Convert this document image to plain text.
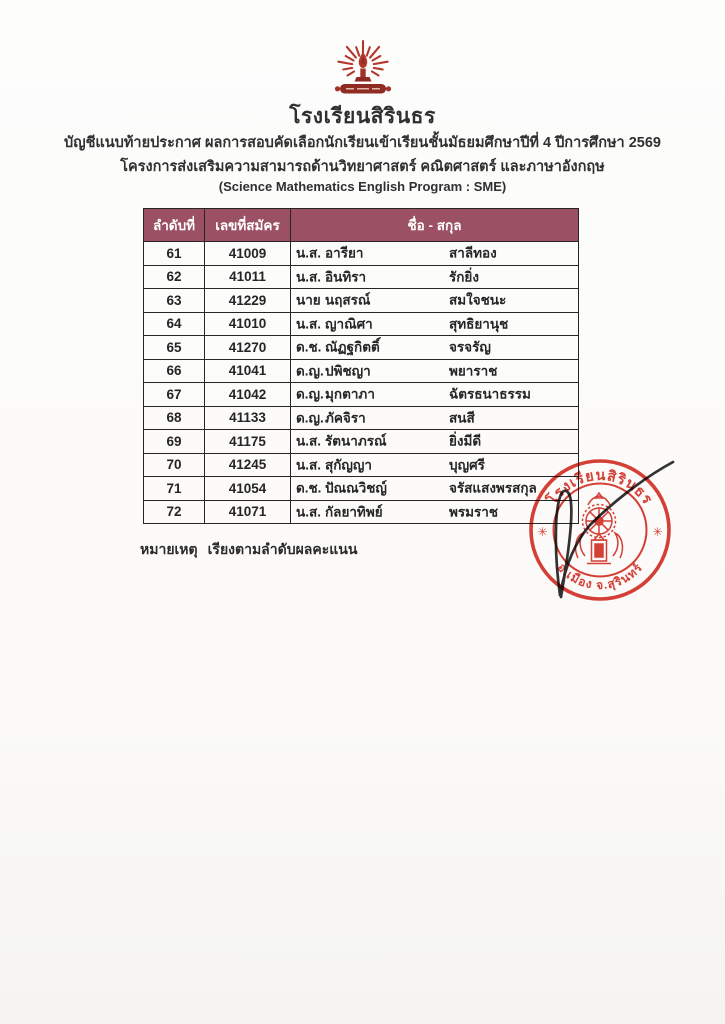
โรงเรียนสิรินธร
บัญชีแนบท้ายประกาศ ผลการสอบคัดเลือกนักเรียนเข้าเรียนชั้นมัธยมศึกษาปีที่ 4 ปีการศึกษา 2569
โครงการส่งเสริมความสามารถด้านวิทยาศาสตร์ คณิตศาสตร์ และภาษาอังกฤษ
(Science Mathematics English Program : SME)
ลำดับที่	เลขที่สมัคร	ชื่อ - สกุล
61	41009	น.ส. อารียา สาลีทอง

62	41011	น.ส. อินทิรา รักยิ่ง

63	41229	นาย นฤสรณ์ สมใจชนะ

64	41010	น.ส. ญาณิศา สุทธิยานุช

65	41270	ด.ช. ณัฏฐกิตติ์ จรจรัญ

66	41041	ด.ญ. ปพิชญา พยาราช

67	41042	ด.ญ. มุกตาภา ฉัตรธนาธรรม

68	41133	ด.ญ. ภัคจิรา สนสี

69	41175	น.ส. รัตนาภรณ์ ยิ่งมีดี

70	41245	น.ส. สุกัญญา บุญศรี

71	41054	ด.ช. ปัณณวิชญ์ จรัสแสงพรสกุล

72	41071	น.ส. กัลยาทิพย์ พรมราช
หมายเหตุ เรียงตามลำดับผลคะแนน
โรงเรียนสิรินธร
อ.เมือง จ.สุรินทร์
✳	✳
